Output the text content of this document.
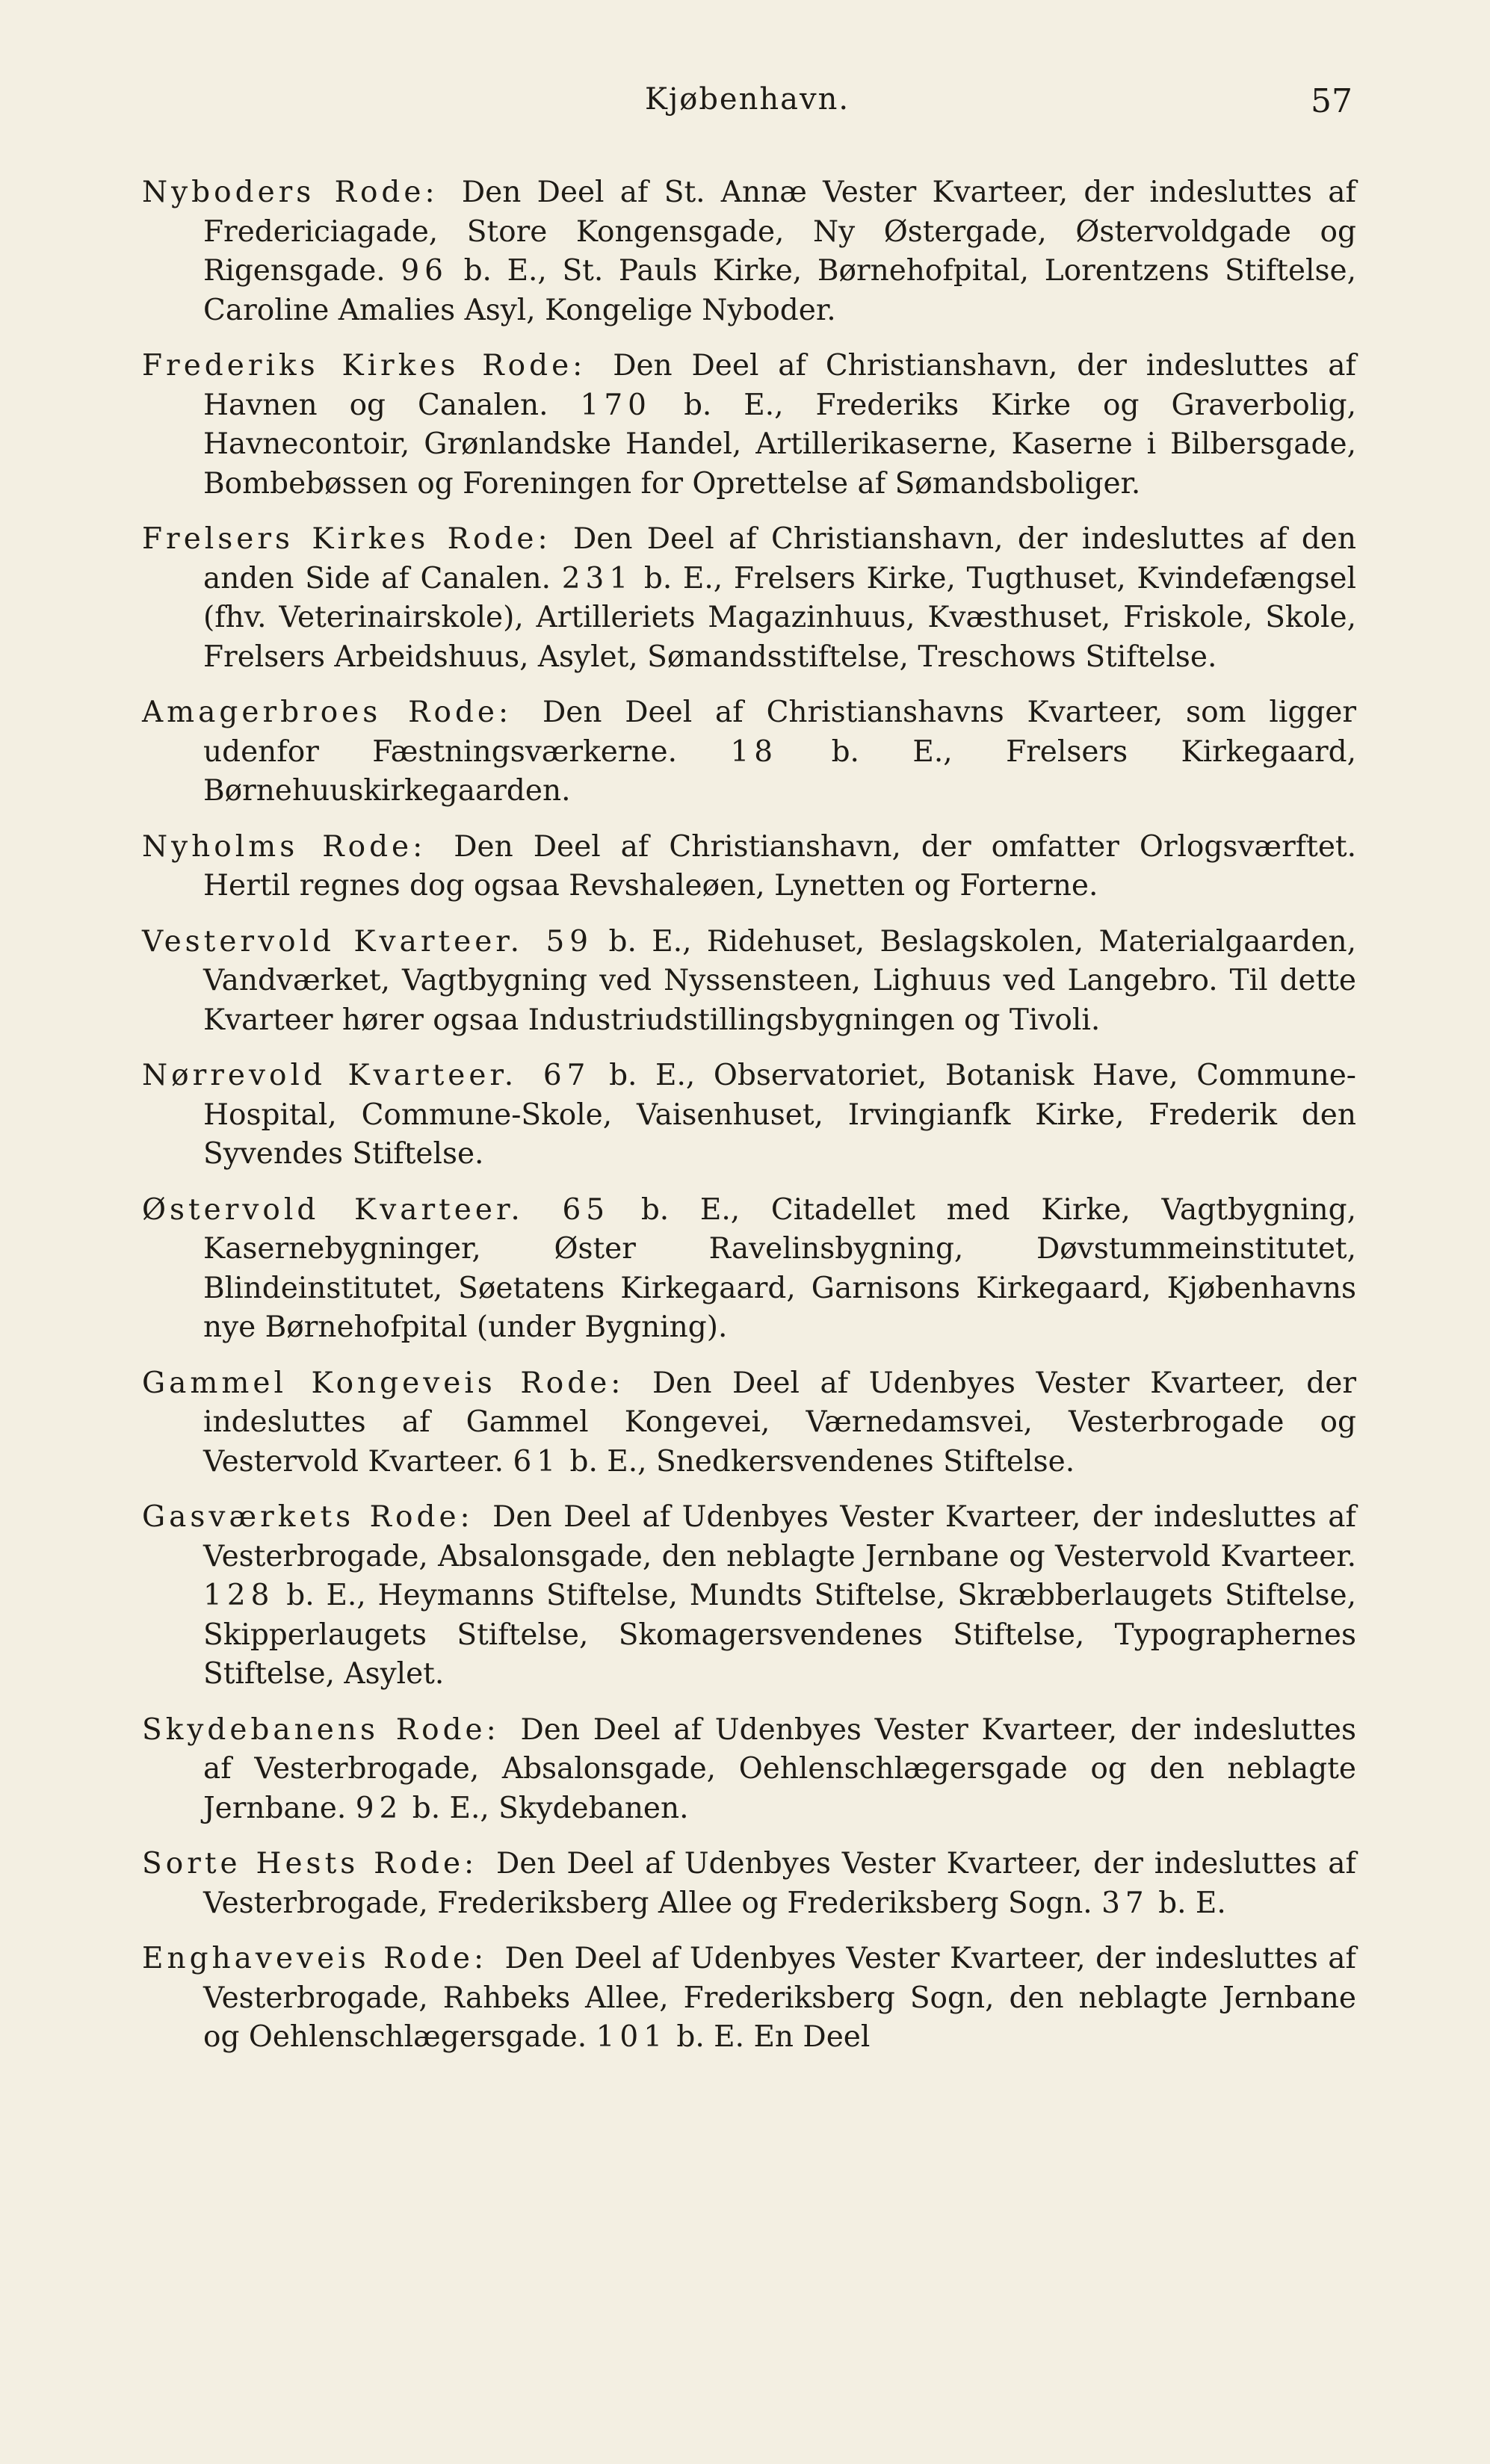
Kjøbenhavn.	57

Nyboders Rode: Den Deel af St. Annæ Vester Kvarteer, der indesluttes af Fredericiagade, Store Kongensgade, Ny Østergade, Østervoldgade og Rigensgade. 96 b. E., St. Pauls Kirke, Børnehofpital, Lorentzens Stiftelse, Caroline Amalies Asyl, Kongelige Nyboder.

Frederiks Kirkes Rode: Den Deel af Christianshavn, der indesluttes af Havnen og Canalen. 170 b. E., Frederiks Kirke og Graverbolig, Havnecontoir, Grønlandske Handel, Artillerikaserne, Kaserne i Bilbersgade, Bombebøssen og Foreningen for Oprettelse af Sømandsboliger.

Frelsers Kirkes Rode: Den Deel af Christianshavn, der indesluttes af den anden Side af Canalen. 231 b. E., Frelsers Kirke, Tugthuset, Kvindefængsel (fhv. Veterinairskole), Artilleriets Magazinhuus, Kvæsthuset, Friskole, Skole, Frelsers Arbeidshuus, Asylet, Sømandsstiftelse, Treschows Stiftelse.

Amagerbroes Rode: Den Deel af Christianshavns Kvarteer, som ligger udenfor Fæstningsværkerne. 18 b. E., Frelsers Kirkegaard, Børnehuuskirkegaarden.

Nyholms Rode: Den Deel af Christianshavn, der omfatter Orlogsværftet. Hertil regnes dog ogsaa Revshaleøen, Lynetten og Forterne.

Vestervold Kvarteer. 59 b. E., Ridehuset, Beslagskolen, Materialgaarden, Vandværket, Vagtbygning ved Nyssensteen, Lighuus ved Langebro. Til dette Kvarteer hører ogsaa Industriudstillingsbygningen og Tivoli.

Nørrevold Kvarteer. 67 b. E., Observatoriet, Botanisk Have, Commune-Hospital, Commune-Skole, Vaisenhuset, Irvingianfk Kirke, Frederik den Syvendes Stiftelse.

Østervold Kvarteer. 65 b. E., Citadellet med Kirke, Vagtbygning, Kasernebygninger, Øster Ravelinsbygning, Døvstummeinstitutet, Blindeinstitutet, Søetatens Kirkegaard, Garnisons Kirkegaard, Kjøbenhavns nye Børnehofpital (under Bygning).

Gammel Kongeveis Rode: Den Deel af Udenbyes Vester Kvarteer, der indesluttes af Gammel Kongevei, Værnedamsvei, Vesterbrogade og Vestervold Kvarteer. 61 b. E., Snedkersvendenes Stiftelse.

Gasværkets Rode: Den Deel af Udenbyes Vester Kvarteer, der indesluttes af Vesterbrogade, Absalonsgade, den neblagte Jernbane og Vestervold Kvarteer. 128 b. E., Heymanns Stiftelse, Mundts Stiftelse, Skræbberlaugets Stiftelse, Skipperlaugets Stiftelse, Skomagersvendenes Stiftelse, Typographernes Stiftelse, Asylet.

Skydebanens Rode: Den Deel af Udenbyes Vester Kvarteer, der indesluttes af Vesterbrogade, Absalonsgade, Oehlenschlægersgade og den neblagte Jernbane. 92 b. E., Skydebanen.

Sorte Hests Rode: Den Deel af Udenbyes Vester Kvarteer, der indesluttes af Vesterbrogade, Frederiksberg Allee og Frederiksberg Sogn. 37 b. E.

Enghaveveis Rode: Den Deel af Udenbyes Vester Kvarteer, der indesluttes af Vesterbrogade, Rahbeks Allee, Frederiksberg Sogn, den neblagte Jernbane og Oehlenschlægersgade. 101 b. E. En Deel
